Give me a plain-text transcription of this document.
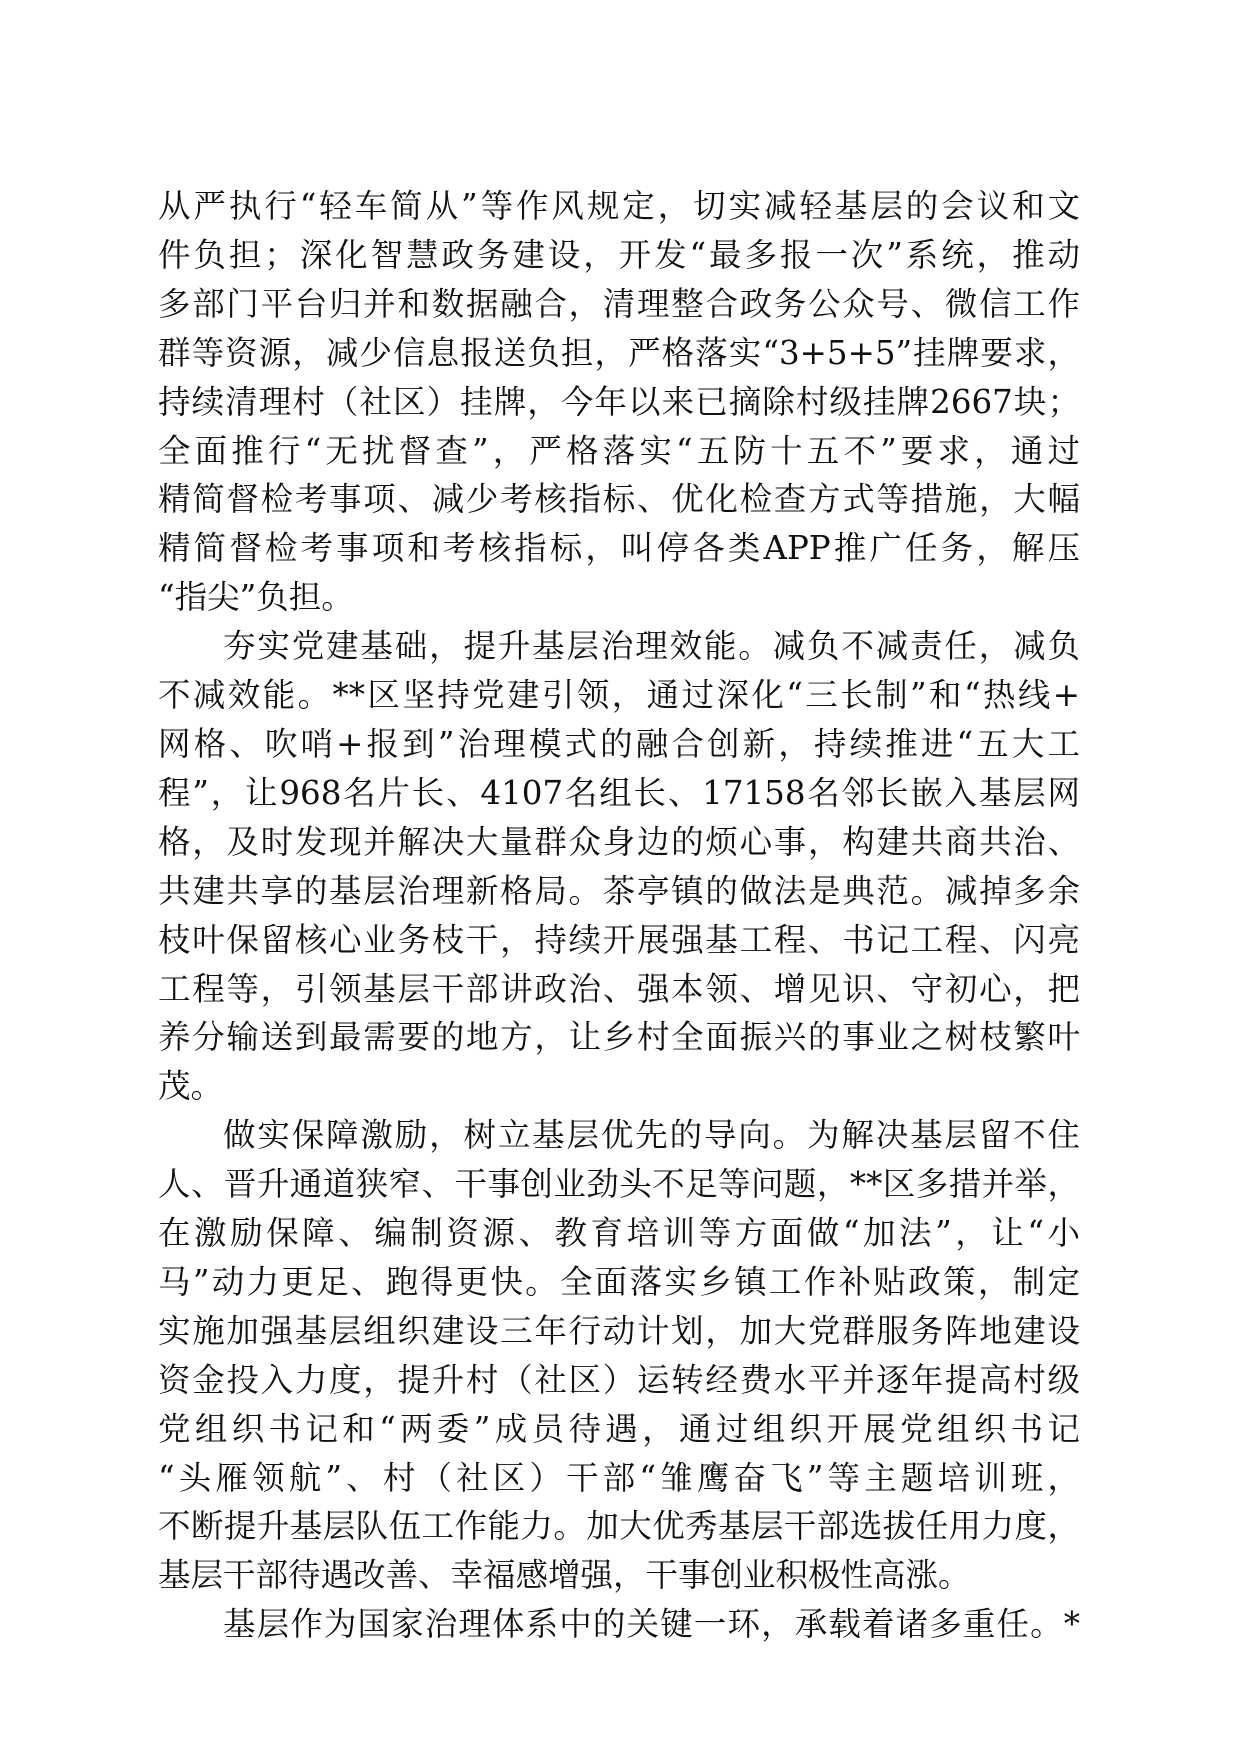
从严执行“轻车简从”等作风规定，切实减轻基层的会议和文
件负担；深化智慧政务建设，开发“最多报一次”系统，推动
多部门平台归并和数据融合，清理整合政务公众号、微信工作
群等资源，减少信息报送负担，严格落实“3+5+5”挂牌要求，
持续清理村（社区）挂牌，今年以来已摘除村级挂牌2667块；
全面推行“无扰督查”，严格落实“五防十五不”要求，通过
精简督检考事项、减少考核指标、优化检查方式等措施，大幅
精简督检考事项和考核指标，叫停各类APP推广任务，解压
“指尖”负担。
夯实党建基础，提升基层治理效能。减负不减责任，减负
不减效能。**区坚持党建引领，通过深化“三长制”和“热线+
网格、吹哨+报到”治理模式的融合创新，持续推进“五大工
程”，让968名片长、4107名组长、17158名邻长嵌入基层网
格，及时发现并解决大量群众身边的烦心事，构建共商共治、
共建共享的基层治理新格局。茶亭镇的做法是典范。减掉多余
枝叶保留核心业务枝干，持续开展强基工程、书记工程、闪亮
工程等，引领基层干部讲政治、强本领、增见识、守初心，把
养分输送到最需要的地方，让乡村全面振兴的事业之树枝繁叶
茂。
做实保障激励，树立基层优先的导向。为解决基层留不住
人、晋升通道狭窄、干事创业劲头不足等问题，**区多措并举，
在激励保障、编制资源、教育培训等方面做“加法”，让“小
马”动力更足、跑得更快。全面落实乡镇工作补贴政策，制定
实施加强基层组织建设三年行动计划，加大党群服务阵地建设
资金投入力度，提升村（社区）运转经费水平并逐年提高村级
党组织书记和“两委”成员待遇，通过组织开展党组织书记
“头雁领航”、村（社区）干部“雏鹰奋飞”等主题培训班，
不断提升基层队伍工作能力。加大优秀基层干部选拔任用力度，
基层干部待遇改善、幸福感增强，干事创业积极性高涨。
基层作为国家治理体系中的关键一环，承载着诸多重任。*
